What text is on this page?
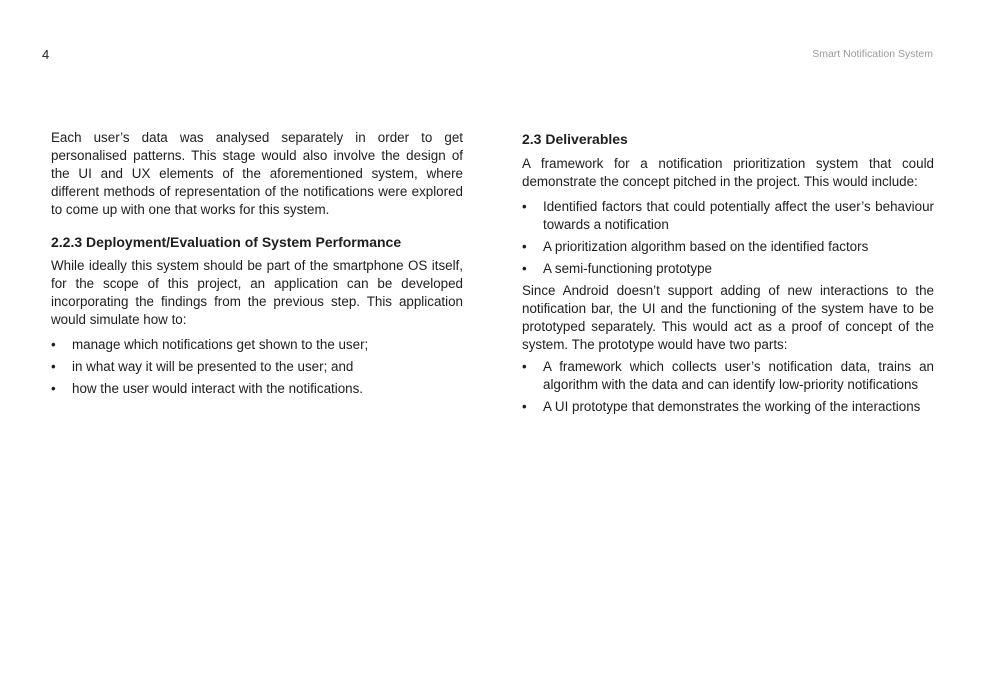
4	Smart Notification System

Each user’s data was analysed separately in order to get personalised patterns. This stage would also involve the design of the UI and UX elements of the aforementioned system, where different methods of representation of the notifications were explored to come up with one that works for this system.

2.2.3 Deployment/Evaluation of System Performance

While ideally this system should be part of the smartphone OS itself, for the scope of this project, an application can be developed incorporating the findings from the previous step. This application would simulate how to:

•	manage which notifications get shown to the user;
•	in what way it will be presented to the user; and
•	how the user would interact with the notifications.
2.3 Deliverables

A framework for a notification prioritization system that could demonstrate the concept pitched in the project. This would include:

•	Identified factors that could potentially affect the user’s behaviour towards a notification
•	A prioritization algorithm based on the identified factors
•	A semi-functioning prototype

Since Android doesn’t support adding of new interactions to the notification bar, the UI and the functioning of the system have to be prototyped separately. This would act as a proof of concept of the system. The prototype would have two parts:

•	A framework which collects user’s notification data, trains an algorithm with the data and can identify low-priority notifications
•	A UI prototype that demonstrates the working of the interactions
